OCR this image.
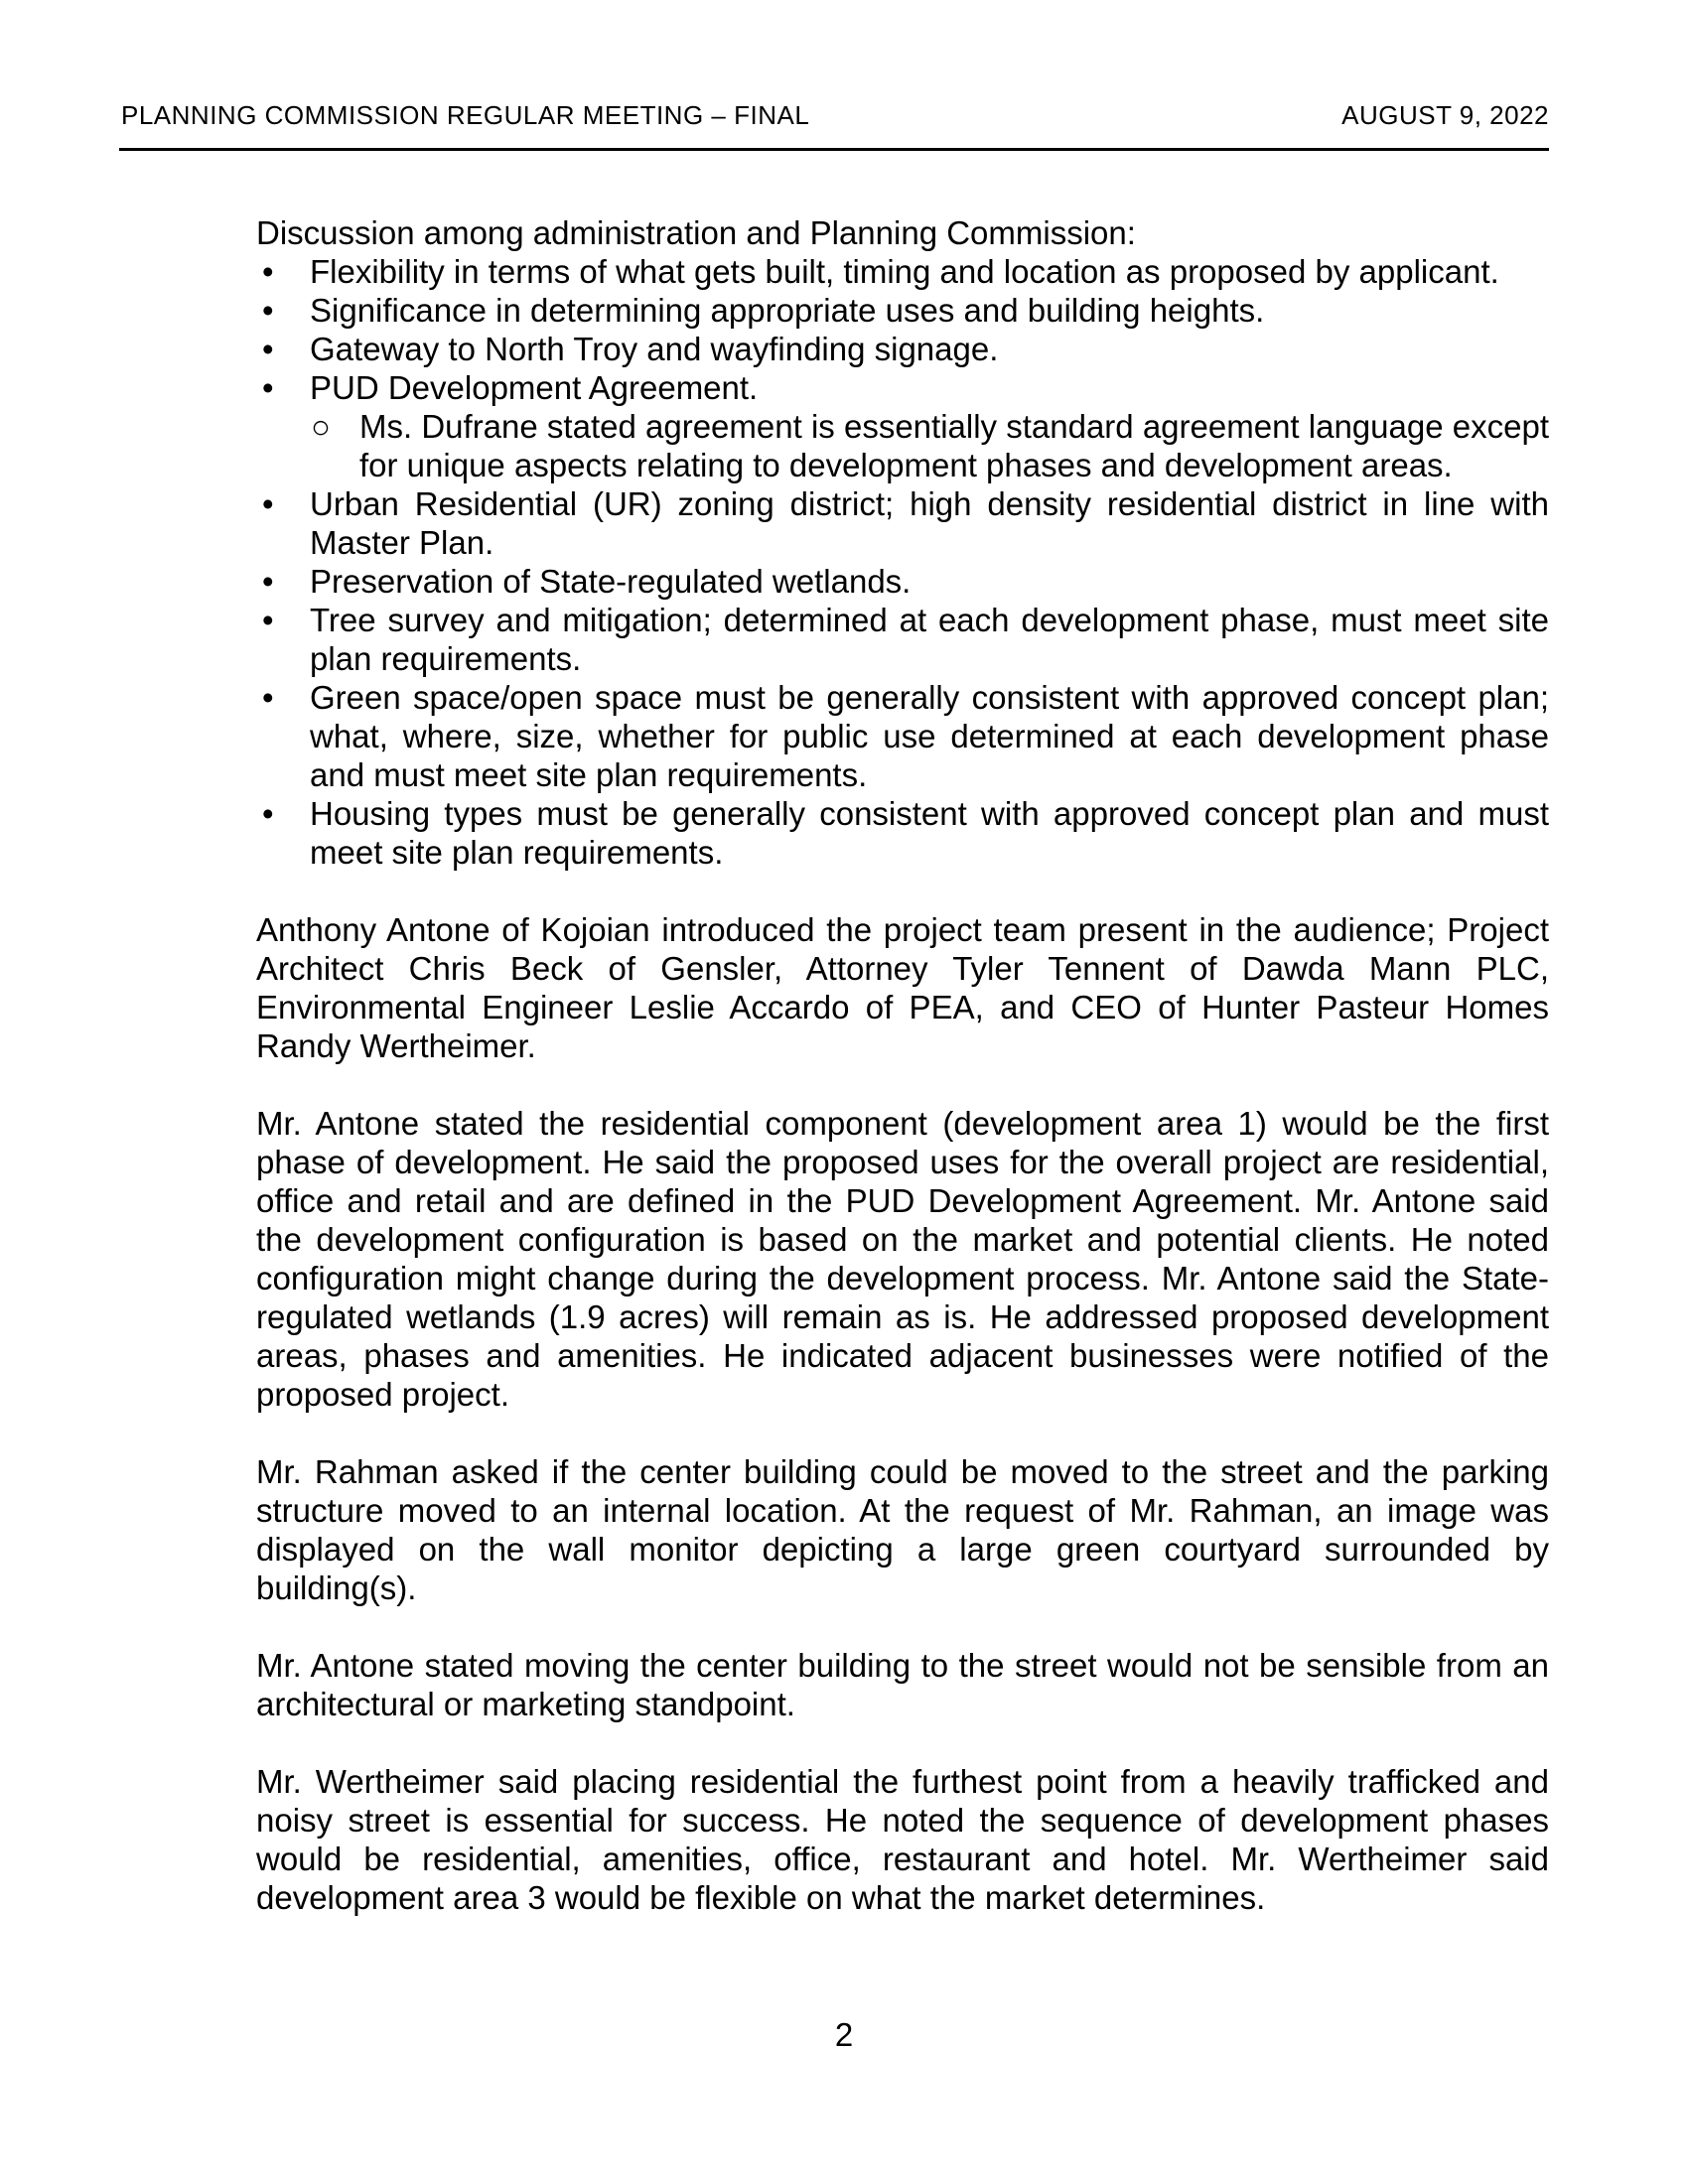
PLANNING COMMISSION REGULAR MEETING – FINAL	AUGUST 9, 2022
Discussion among administration and Planning Commission:
• Flexibility in terms of what gets built, timing and location as proposed by applicant.
• Significance in determining appropriate uses and building heights.
• Gateway to North Troy and wayfinding signage.
• PUD Development Agreement.
○ Ms. Dufrane stated agreement is essentially standard agreement language except for unique aspects relating to development phases and development areas.
• Urban Residential (UR) zoning district; high density residential district in line with Master Plan.
• Preservation of State-regulated wetlands.
• Tree survey and mitigation; determined at each development phase, must meet site plan requirements.
• Green space/open space must be generally consistent with approved concept plan; what, where, size, whether for public use determined at each development phase and must meet site plan requirements.
• Housing types must be generally consistent with approved concept plan and must meet site plan requirements.

Anthony Antone of Kojoian introduced the project team present in the audience; Project Architect Chris Beck of Gensler, Attorney Tyler Tennent of Dawda Mann PLC, Environmental Engineer Leslie Accardo of PEA, and CEO of Hunter Pasteur Homes Randy Wertheimer.

Mr. Antone stated the residential component (development area 1) would be the first phase of development. He said the proposed uses for the overall project are residential, office and retail and are defined in the PUD Development Agreement. Mr. Antone said the development configuration is based on the market and potential clients. He noted configuration might change during the development process. Mr. Antone said the State-regulated wetlands (1.9 acres) will remain as is. He addressed proposed development areas, phases and amenities. He indicated adjacent businesses were notified of the proposed project.

Mr. Rahman asked if the center building could be moved to the street and the parking structure moved to an internal location. At the request of Mr. Rahman, an image was displayed on the wall monitor depicting a large green courtyard surrounded by building(s).

Mr. Antone stated moving the center building to the street would not be sensible from an architectural or marketing standpoint.

Mr. Wertheimer said placing residential the furthest point from a heavily trafficked and noisy street is essential for success. He noted the sequence of development phases would be residential, amenities, office, restaurant and hotel. Mr. Wertheimer said development area 3 would be flexible on what the market determines.

2
